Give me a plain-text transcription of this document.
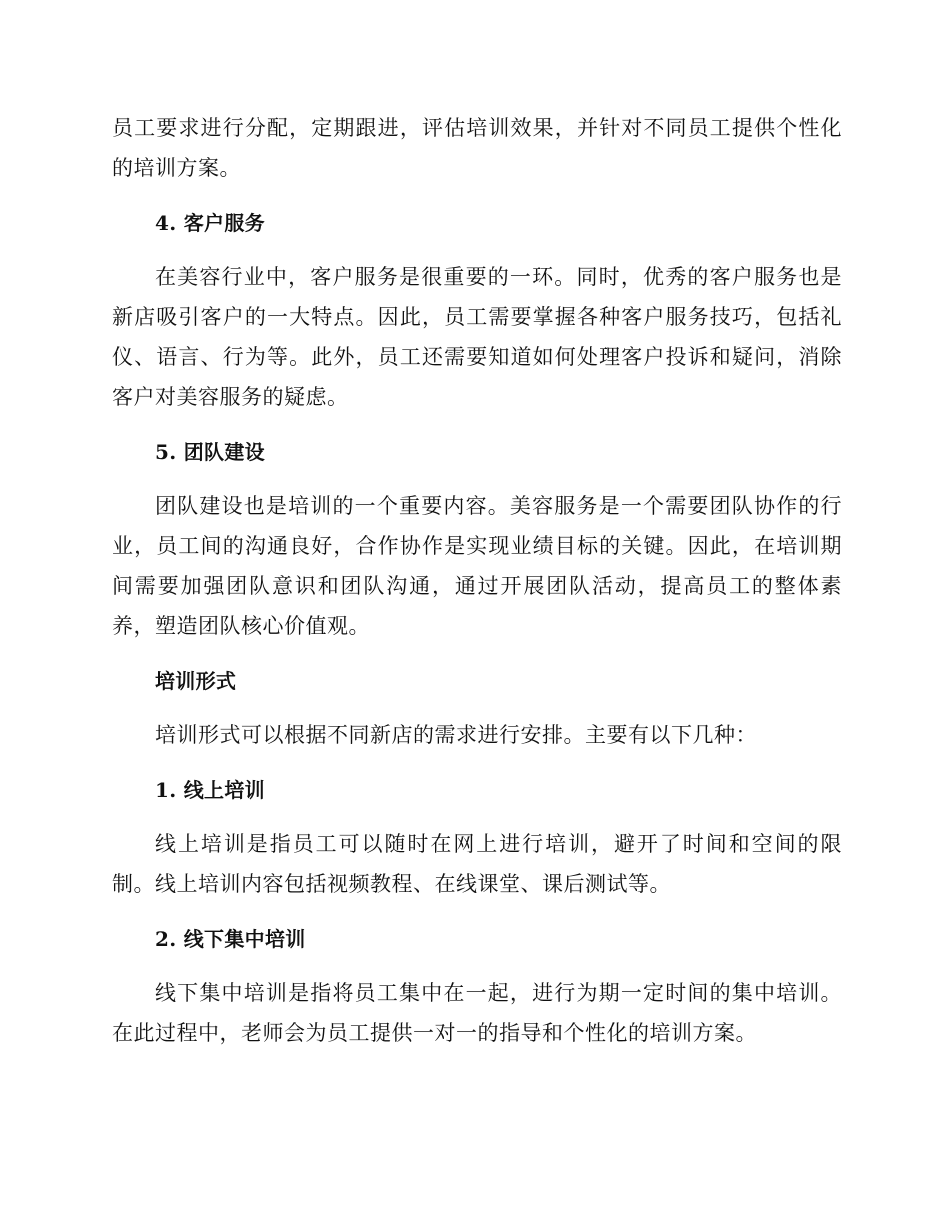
员工要求进行分配，定期跟进，评估培训效果，并针对不同员工提供个性化的培训方案。

4. 客户服务

在美容行业中，客户服务是很重要的一环。同时，优秀的客户服务也是新店吸引客户的一大特点。因此，员工需要掌握各种客户服务技巧，包括礼仪、语言、行为等。此外，员工还需要知道如何处理客户投诉和疑问，消除客户对美容服务的疑虑。

5. 团队建设

团队建设也是培训的一个重要内容。美容服务是一个需要团队协作的行业，员工间的沟通良好，合作协作是实现业绩目标的关键。因此，在培训期间需要加强团队意识和团队沟通，通过开展团队活动，提高员工的整体素养，塑造团队核心价值观。

培训形式

培训形式可以根据不同新店的需求进行安排。主要有以下几种：

1. 线上培训

线上培训是指员工可以随时在网上进行培训，避开了时间和空间的限制。线上培训内容包括视频教程、在线课堂、课后测试等。

2. 线下集中培训

线下集中培训是指将员工集中在一起，进行为期一定时间的集中培训。在此过程中，老师会为员工提供一对一的指导和个性化的培训方案。
